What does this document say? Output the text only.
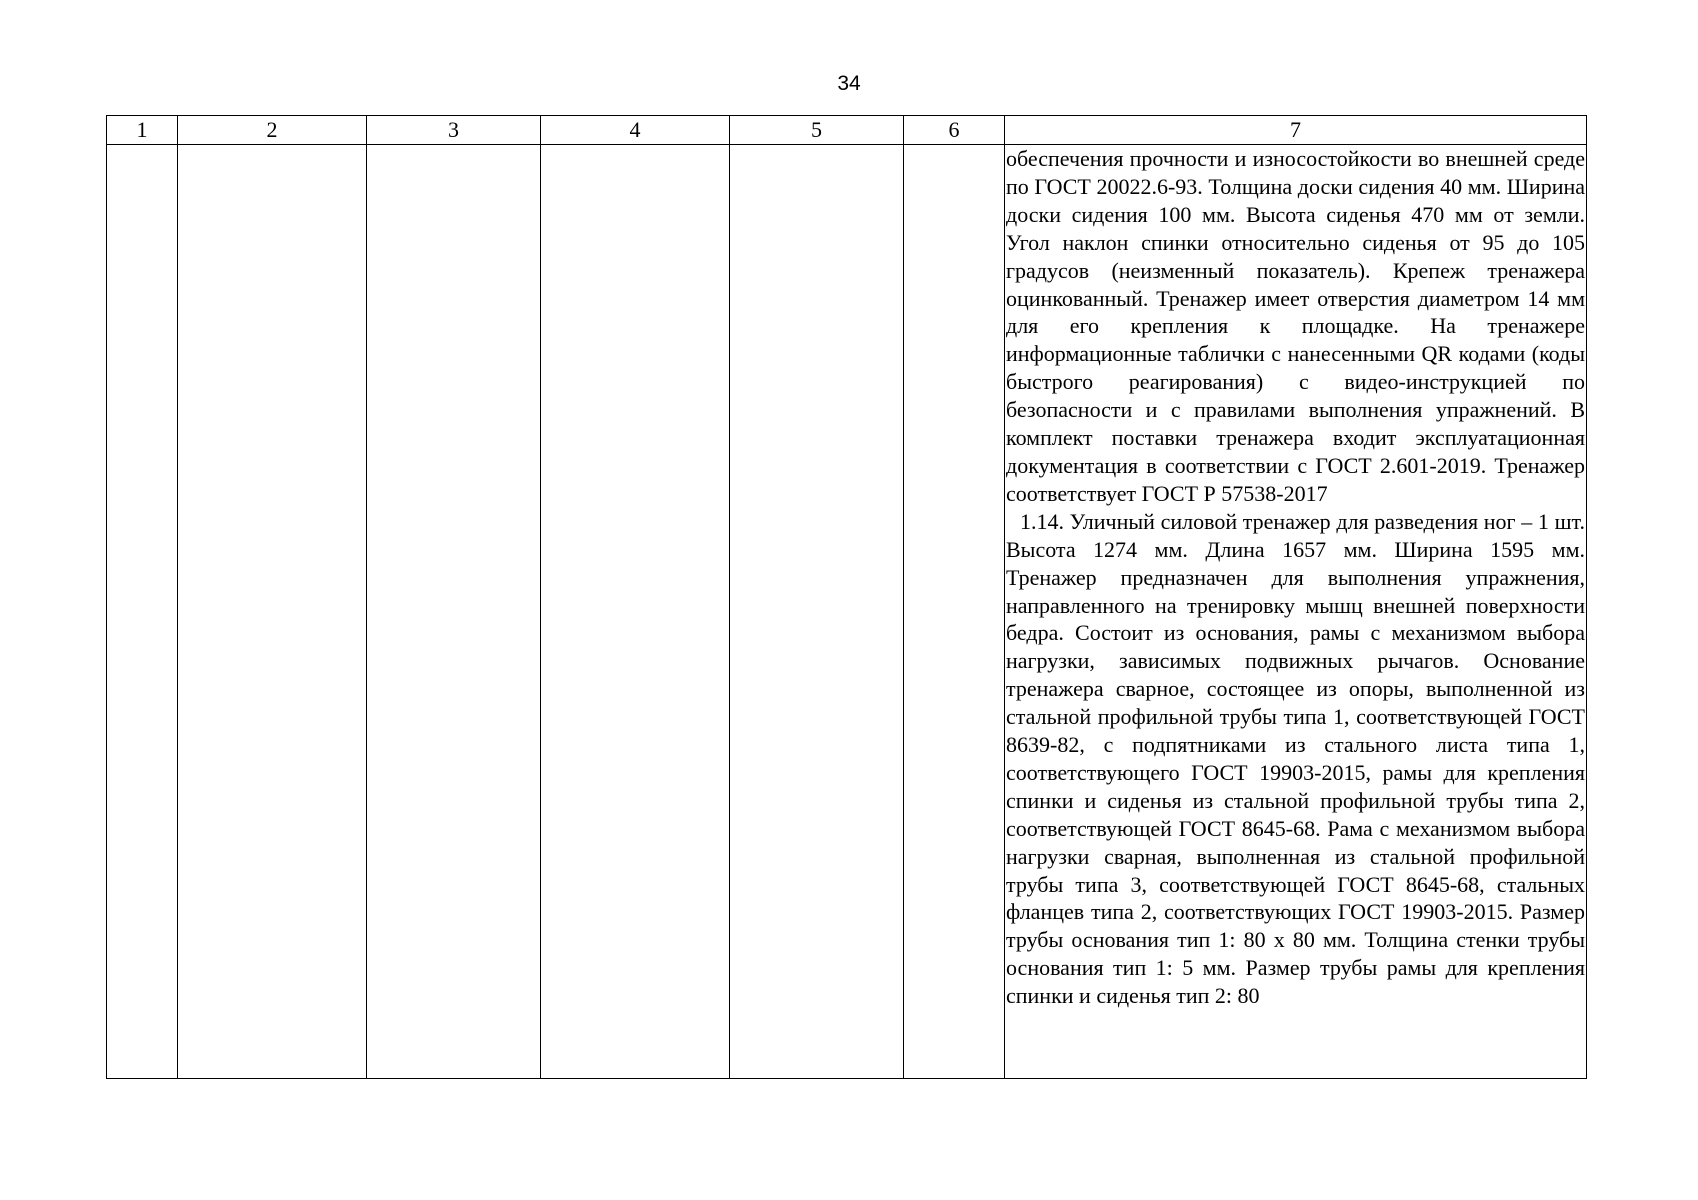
34
1	2	3	4	5	6	7

						обеспечения прочности и износостойкости во внешней среде по ГОСТ 20022.6-93. Толщина доски сидения 40 мм. Ширина доски сидения 100 мм. Высота сиденья 470 мм от земли. Угол наклон спинки относительно сиденья от 95 до 105 градусов (неизменный показатель). Крепеж тренажера оцинкованный. Тренажер имеет отверстия диаметром 14 мм для его крепления к площадке. На тренажере информационные таблички с нанесенными QR кодами (коды быстрого реагирования) с видео-инструкцией по безопасности и с правилами выполнения упражнений. В комплект поставки тренажера входит эксплуатационная документация в соответствии с ГОСТ 2.601-2019. Тренажер соответствует ГОСТ Р 57538-2017

1.14. Уличный силовой тренажер для разведения ног – 1 шт. Высота 1274 мм. Длина 1657 мм. Ширина 1595 мм. Тренажер предназначен для выполнения упражнения, направленного на тренировку мышц внешней поверхности бедра. Состоит из основания, рамы с механизмом выбора нагрузки, зависимых подвижных рычагов. Основание тренажера сварное, состоящее из опоры, выполненной из стальной профильной трубы типа 1, соответствующей ГОСТ 8639-82, с подпятниками из стального листа типа 1, соответствующего ГОСТ 19903-2015, рамы для крепления спинки и сиденья из стальной профильной трубы типа 2, соответствующей ГОСТ 8645-68. Рама с механизмом выбора нагрузки сварная, выполненная из стальной профильной трубы типа 3, соответствующей ГОСТ 8645-68, стальных фланцев типа 2, соответствующих ГОСТ 19903-2015. Размер трубы основания тип 1: 80 х 80 мм. Толщина стенки трубы основания тип 1: 5 мм. Размер трубы рамы для крепления спинки и сиденья тип 2: 80
